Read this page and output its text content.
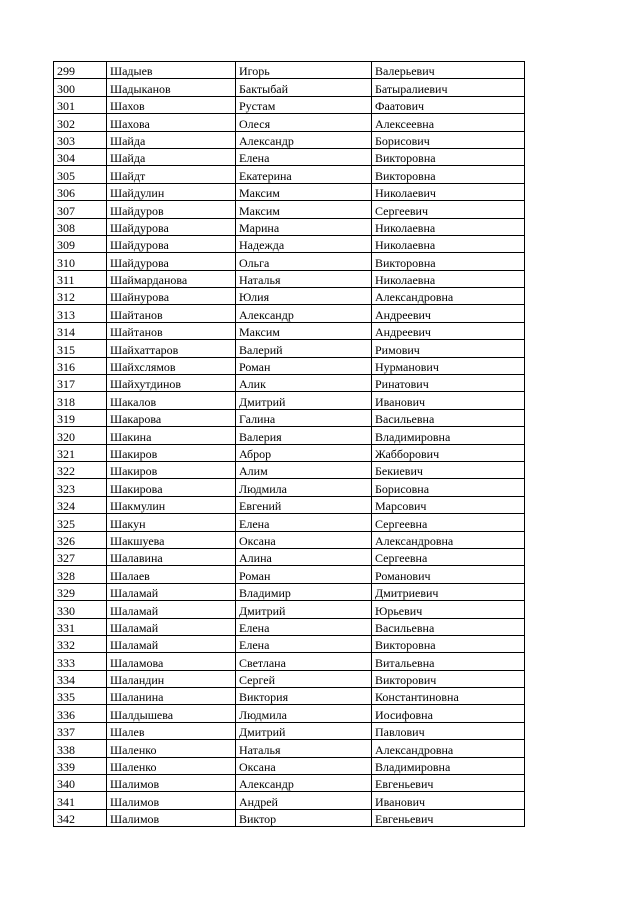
299	Шадыев	Игорь	Валерьевич
300	Шадыканов	Бактыбай	Батыралиевич
301	Шахов	Рустам	Фаатович
302	Шахова	Олеся	Алексеевна
303	Шайда	Александр	Борисович
304	Шайда	Елена	Викторовна
305	Шайдт	Екатерина	Викторовна
306	Шайдулин	Максим	Николаевич
307	Шайдуров	Максим	Сергеевич
308	Шайдурова	Марина	Николаевна
309	Шайдурова	Надежда	Николаевна
310	Шайдурова	Ольга	Викторовна
311	Шаймарданова	Наталья	Николаевна
312	Шайнурова	Юлия	Александровна
313	Шайтанов	Александр	Андреевич
314	Шайтанов	Максим	Андреевич
315	Шайхаттаров	Валерий	Римович
316	Шайхслямов	Роман	Нурманович
317	Шайхутдинов	Алик	Ринатович
318	Шакалов	Дмитрий	Иванович
319	Шакарова	Галина	Васильевна
320	Шакина	Валерия	Владимировна
321	Шакиров	Аброр	Жабборович
322	Шакиров	Алим	Бекиевич
323	Шакирова	Людмила	Борисовна
324	Шакмулин	Евгений	Марсович
325	Шакун	Елена	Сергеевна
326	Шакшуева	Оксана	Александровна
327	Шалавина	Алина	Сергеевна
328	Шалаев	Роман	Романович
329	Шаламай	Владимир	Дмитриевич
330	Шаламай	Дмитрий	Юрьевич
331	Шаламай	Елена	Васильевна
332	Шаламай	Елена	Викторовна
333	Шаламова	Светлана	Витальевна
334	Шаландин	Сергей	Викторович
335	Шаланина	Виктория	Константиновна
336	Шалдышева	Людмила	Иосифовна
337	Шалев	Дмитрий	Павлович
338	Шаленко	Наталья	Александровна
339	Шаленко	Оксана	Владимировна
340	Шалимов	Александр	Евгеньевич
341	Шалимов	Андрей	Иванович
342	Шалимов	Виктор	Евгеньевич
